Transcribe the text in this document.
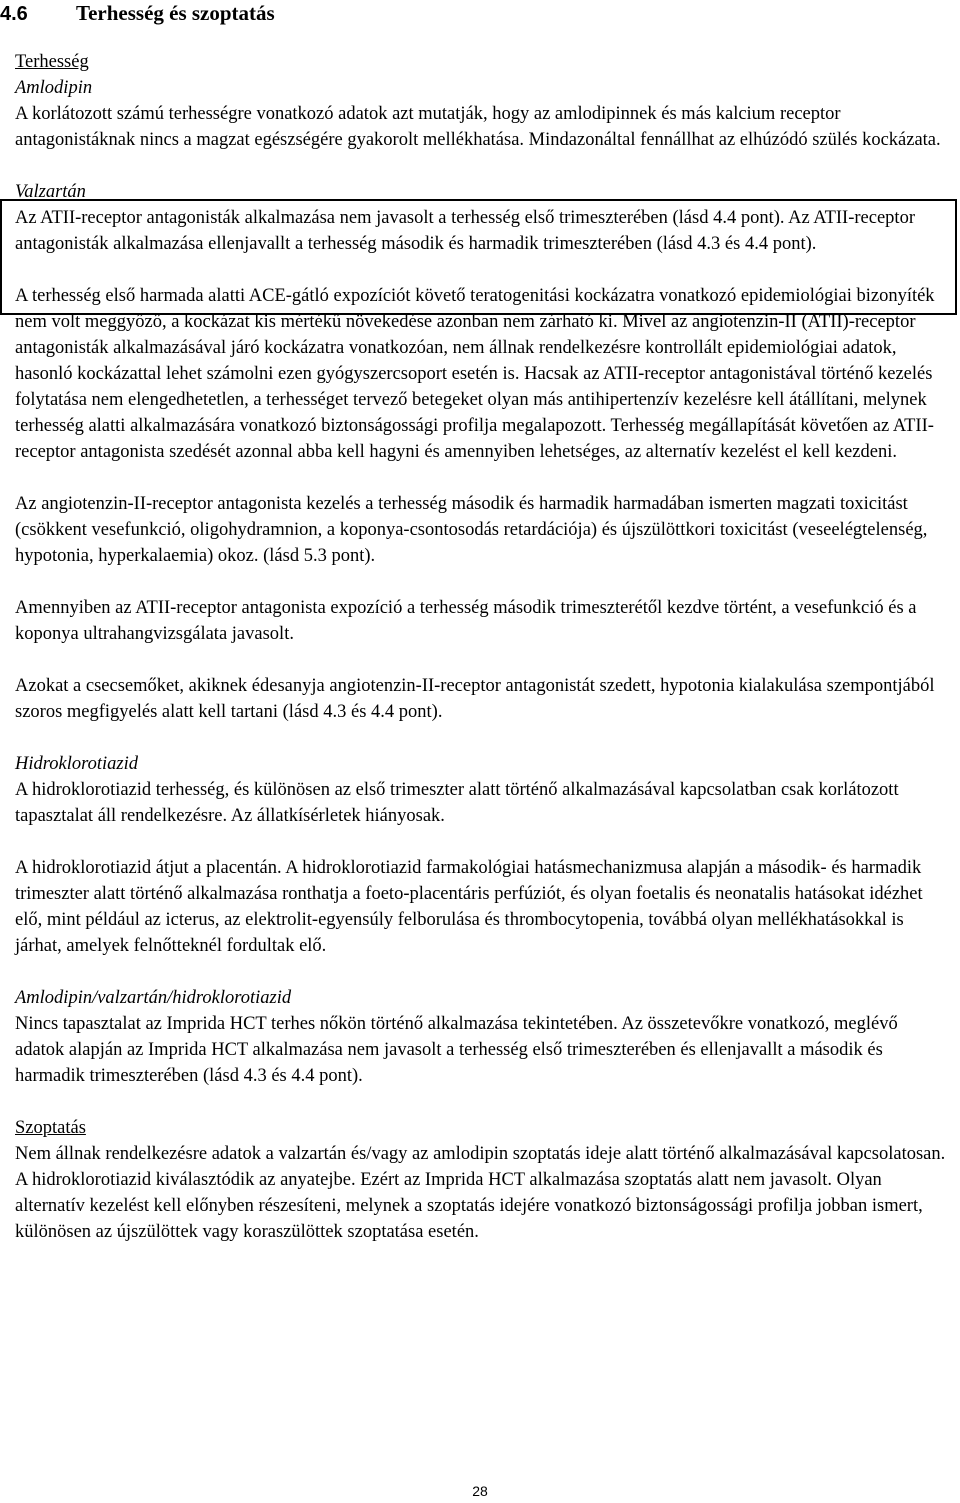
4.6 Terhesség és szoptatás

Terhesség

Amlodipin

A korlátozott számú terhességre vonatkozó adatok azt mutatják, hogy az amlodipinnek és más kalcium receptor antagonistáknak nincs a magzat egészségére gyakorolt mellékhatása. Mindazonáltal fennállhat az elhúzódó szülés kockázata.

Valzartán

Az ATII-receptor antagonisták alkalmazása nem javasolt a terhesség első trimeszterében (lásd 4.4 pont). Az ATII-receptor antagonisták alkalmazása ellenjavallt a terhesség második és harmadik trimeszterében (lásd 4.3 és 4.4 pont).

A terhesség első harmada alatti ACE-gátló expozíciót követő teratogenitási kockázatra vonatkozó epidemiológiai bizonyíték nem volt meggyőző, a kockázat kis mértékű növekedése azonban nem zárható ki. Mivel az angiotenzin-II (ATII)-receptor antagonisták alkalmazásával járó kockázatra vonatkozóan, nem állnak rendelkezésre kontrollált epidemiológiai adatok, hasonló kockázattal lehet számolni ezen gyógyszercsoport esetén is. Hacsak az ATII-receptor antagonistával történő kezelés folytatása nem elengedhetetlen, a terhességet tervező betegeket olyan más antihipertenzív kezelésre kell átállítani, melynek terhesség alatti alkalmazására vonatkozó biztonságossági profilja megalapozott. Terhesség megállapítását követően az ATII-receptor antagonista szedését azonnal abba kell hagyni és amennyiben lehetséges, az alternatív kezelést el kell kezdeni.

Az angiotenzin-II-receptor antagonista kezelés a terhesség második és harmadik harmadában ismerten magzati toxicitást (csökkent vesefunkció, oligohydramnion, a koponya-csontosodás retardációja) és újszülöttkori toxicitást (veseelégtelenség, hypotonia, hyperkalaemia) okoz. (lásd 5.3 pont).

Amennyiben az ATII-receptor antagonista expozíció a terhesség második trimeszterétől kezdve történt, a vesefunkció és a koponya ultrahangvizsgálata javasolt.

Azokat a csecsemőket, akiknek édesanyja angiotenzin-II-receptor antagonistát szedett, hypotonia kialakulása szempontjából szoros megfigyelés alatt kell tartani (lásd 4.3 és 4.4 pont).

Hidroklorotiazid

A hidroklorotiazid terhesség, és különösen az első trimeszter alatt történő alkalmazásával kapcsolatban csak korlátozott tapasztalat áll rendelkezésre. Az állatkísérletek hiányosak.

A hidroklorotiazid átjut a placentán. A hidroklorotiazid farmakológiai hatásmechanizmusa alapján a második- és harmadik trimeszter alatt történő alkalmazása ronthatja a foeto-placentáris perfúziót, és olyan foetalis és neonatalis hatásokat idézhet elő, mint például az icterus, az elektrolit-egyensúly felborulása és thrombocytopenia, továbbá olyan mellékhatásokkal is járhat, amelyek felnőtteknél fordultak elő.

Amlodipin/valzartán/hidroklorotiazid

Nincs tapasztalat az Imprida HCT terhes nőkön történő alkalmazása tekintetében. Az összetevőkre vonatkozó, meglévő adatok alapján az Imprida HCT alkalmazása nem javasolt a terhesség első trimeszterében és ellenjavallt a második és harmadik trimeszterében (lásd 4.3 és 4.4 pont).

Szoptatás

Nem állnak rendelkezésre adatok a valzartán és/vagy az amlodipin szoptatás ideje alatt történő alkalmazásával kapcsolatosan. A hidroklorotiazid kiválasztódik az anyatejbe. Ezért az Imprida HCT alkalmazása szoptatás alatt nem javasolt. Olyan alternatív kezelést kell előnyben részesíteni, melynek a szoptatás idejére vonatkozó biztonságossági profilja jobban ismert, különösen az újszülöttek vagy koraszülöttek szoptatása esetén.

28
